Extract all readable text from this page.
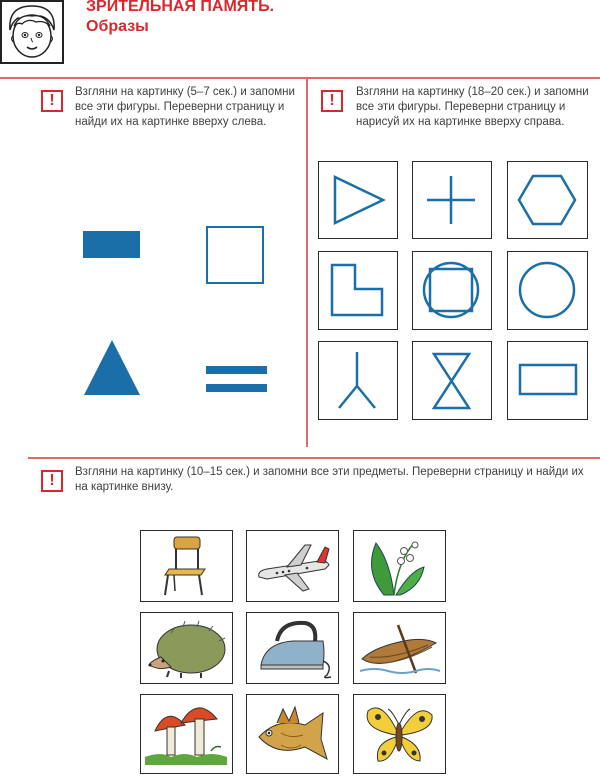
ЗРИТЕЛЬНАЯ ПАМЯТЬ.
Образы
!	Взгляни на картинку (5–7 сек.) и запомни все эти фигуры. Переверни страницу и найди их на картинке вверху слева.
!	Взгляни на картинку (18–20 сек.) и запомни все эти фигуры. Переверни страницу и нарисуй их на картинке вверху справа.
!	Взгляни на картинку (10–15 сек.) и запомни все эти предметы. Переверни страницу и найди их на картинке внизу.
